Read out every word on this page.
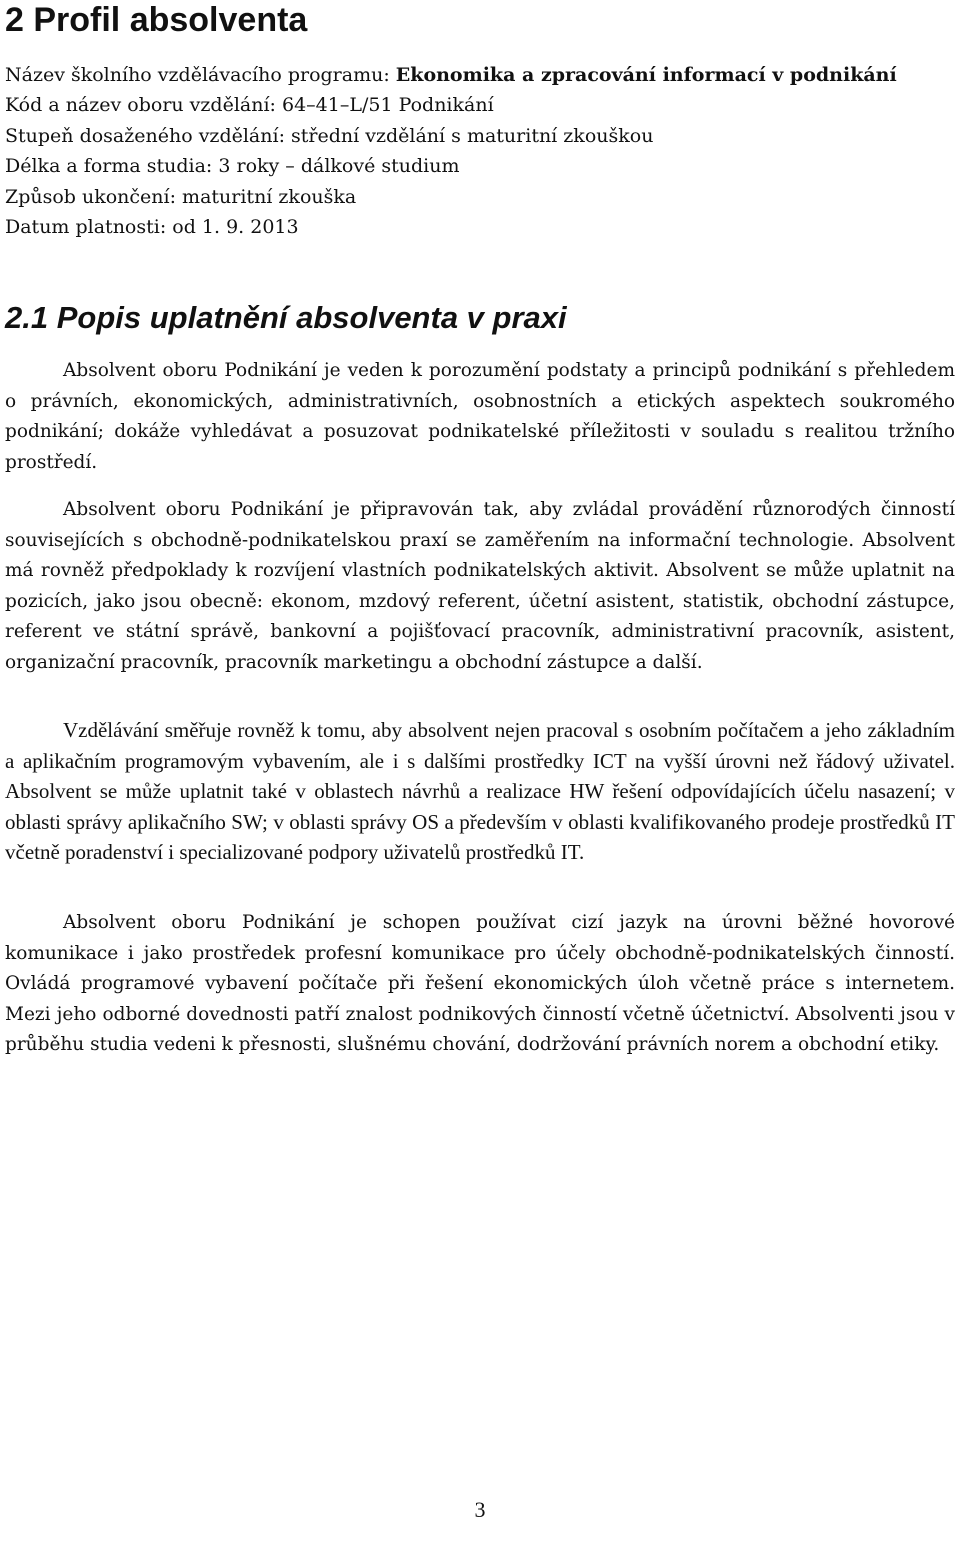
2 Profil absolventa
Název školního vzdělávacího programu: Ekonomika a zpracování informací v podnikání
Kód a název oboru vzdělání: 64–41–L/51 Podnikání
Stupeň dosaženého vzdělání: střední vzdělání s maturitní zkouškou
Délka a forma studia: 3 roky – dálkové studium
Způsob ukončení: maturitní zkouška
Datum platnosti: od 1. 9. 2013
2.1 Popis uplatnění absolventa v praxi

Absolvent oboru Podnikání je veden k porozumění podstaty a principů podnikání s přehledem o právních, ekonomických, administrativních, osobnostních a etických aspektech soukromého podnikání; dokáže vyhledávat a posuzovat podnikatelské příležitosti v souladu s realitou tržního prostředí.

Absolvent oboru Podnikání je připravován tak, aby zvládal provádění různorodých činností souvisejících s obchodně-podnikatelskou praxí se zaměřením na informační technologie. Absolvent má rovněž předpoklady k rozvíjení vlastních podnikatelských aktivit. Absolvent se může uplatnit na pozicích, jako jsou obecně: ekonom, mzdový referent, účetní asistent, statistik, obchodní zástupce, referent ve státní správě, bankovní a pojišťovací pracovník, administrativní pracovník, asistent, organizační pracovník, pracovník marketingu a obchodní zástupce a další.

Vzdělávání směřuje rovněž k tomu, aby absolvent nejen pracoval s osobním počítačem a jeho základním a aplikačním programovým vybavením, ale i s dalšími prostředky ICT na vyšší úrovni než řádový uživatel. Absolvent se může uplatnit také v oblastech návrhů a realizace HW řešení odpovídajících účelu nasazení; v oblasti správy aplikačního SW; v oblasti správy OS a především v oblasti kvalifikovaného prodeje prostředků IT včetně poradenství i specializované podpory uživatelů prostředků IT.

Absolvent oboru Podnikání je schopen používat cizí jazyk na úrovni běžné hovorové komunikace i jako prostředek profesní komunikace pro účely obchodně-podnikatelských činností. Ovládá programové vybavení počítače při řešení ekonomických úloh včetně práce s internetem. Mezi jeho odborné dovednosti patří znalost podnikových činností včetně účetnictví. Absolventi jsou v průběhu studia vedeni k přesnosti, slušnému chování, dodržování právních norem a obchodní etiky.

3
